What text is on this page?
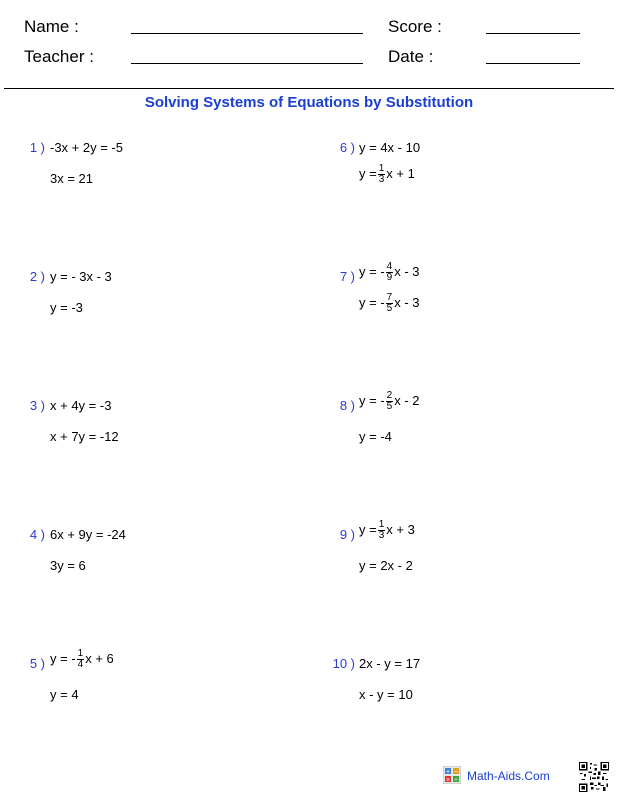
Name :	Score :
Teacher :	Date :
Solving Systems of Equations by Substitution
1 ) -3x + 2y = -5
3x = 21
2 ) y = - 3x - 3
y = -3
3 ) x + 4y = -3
x + 7y = -12
4 ) 6x + 9y = -24
3y = 6
5 ) y = - $\frac{1}{4}$ x + 6
y = 4
6 ) y = 4x - 10
$y = \frac{1}{3}$ x + 1
7 ) y = - $\frac{4}{9}$ x - 3
y = - $\frac{7}{5}$ x - 3
8 ) y = - $\frac{2}{5}$ x - 2
y = -4
9 ) $y = \frac{1}{3}$ x + 3
y = 2x - 2
10 ) 2x - y = 17
x - y = 10
+ −
× ÷ Math-Aids.Com
